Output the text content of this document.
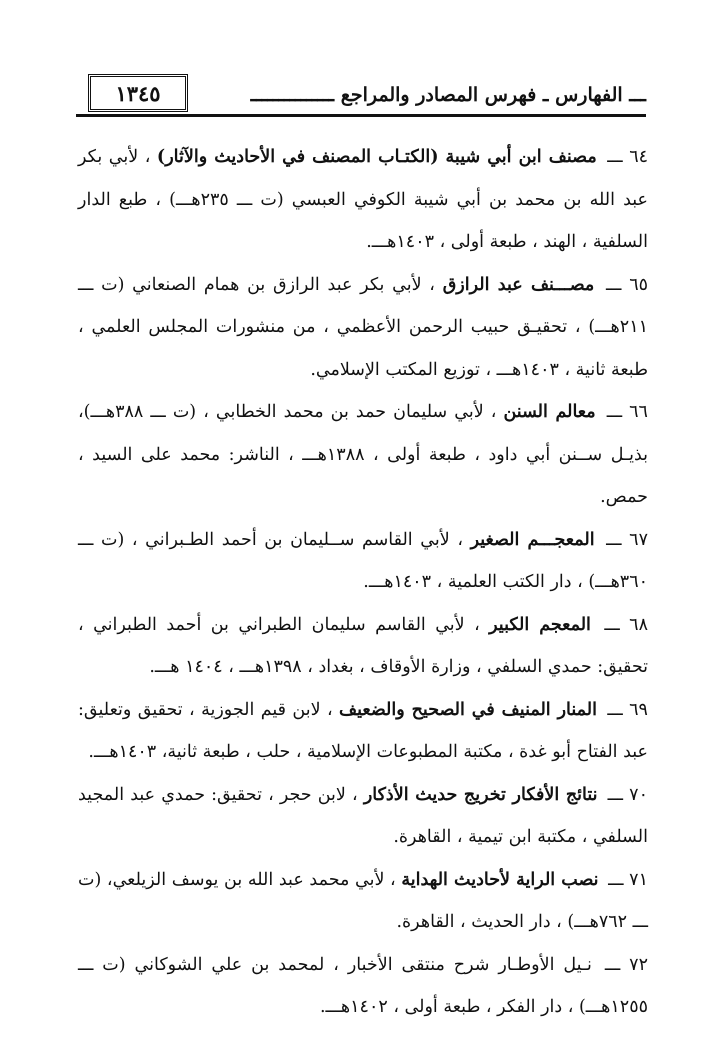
١٣٤٥	ـــ الفهارس ـ فهرس المصادر والمراجع ـــــــــــــــ

٦٤ ـــ مصنف ابن أبي شيبة (الكتـاب المصنف في الأحاديث والآثار) ، لأبي بكر عبد الله بن محمد بن أبي شيبة الكوفي العبسي (ت ـــ ٢٣٥هـــ) ، طبع الدار السلفية ، الهند ، طبعة أولى ، ١٤٠٣هـــ.

٦٥ ـــ مصـــنف عبد الرازق ، لأبي بكر عبد الرازق بن همام الصنعاني (ت ـــ ٢١١هـــ) ، تحقيـق حبيب الرحمن الأعظمي ، من منشورات المجلس العلمي ، طبعة ثانية ، ١٤٠٣هـــ ، توزيع المكتب الإسلامي.

٦٦ ـــ معالم السنن ، لأبي سليمان حمد بن محمد الخطابي ، (ت ـــ ٣٨٨هـــ)، بذيـل ســنن أبي داود ، طبعة أولى ، ١٣٨٨هـــ ، الناشر: محمد على السيد ، حمص.

٦٧ ـــ المعجـــم الصغير ، لأبي القاسم ســليمان بن أحمد الطـبراني ، (ت ـــ ٣٦٠هـــ) ، دار الكتب العلمية ، ١٤٠٣هـــ.

٦٨ ـــ المعجم الكبير ، لأبي القاسم سليمان الطبراني بن أحمد الطبراني ، تحقيق: حمدي السلفي ، وزارة الأوقاف ، بغداد ، ١٣٩٨هـــ ، ١٤٠٤ هـــ.

٦٩ ـــ المنار المنيف في الصحيح والضعيف ، لابن قيم الجوزية ، تحقيق وتعليق: عبد الفتاح أبو غدة ، مكتبة المطبوعات الإسلامية ، حلب ، طبعة ثانية، ١٤٠٣هـــ.

٧٠ ـــ نتائج الأفكار تخريج حديث الأذكار ، لابن حجر ، تحقيق: حمدي عبد المجيد السلفي ، مكتبة ابن تيمية ، القاهرة.

٧١ ـــ نصب الراية لأحاديث الهداية ، لأبي محمد عبد الله بن يوسف الزيلعي، (ت ـــ ٧٦٢هـــ) ، دار الحديث ، القاهرة.

٧٢ ـــ نـيل الأوطـار شرح منتقى الأخبار ، لمحمد بن علي الشوكاني (ت ـــ ١٢٥٥هـــ) ، دار الفكر ، طبعة أولى ، ١٤٠٢هـــ.
